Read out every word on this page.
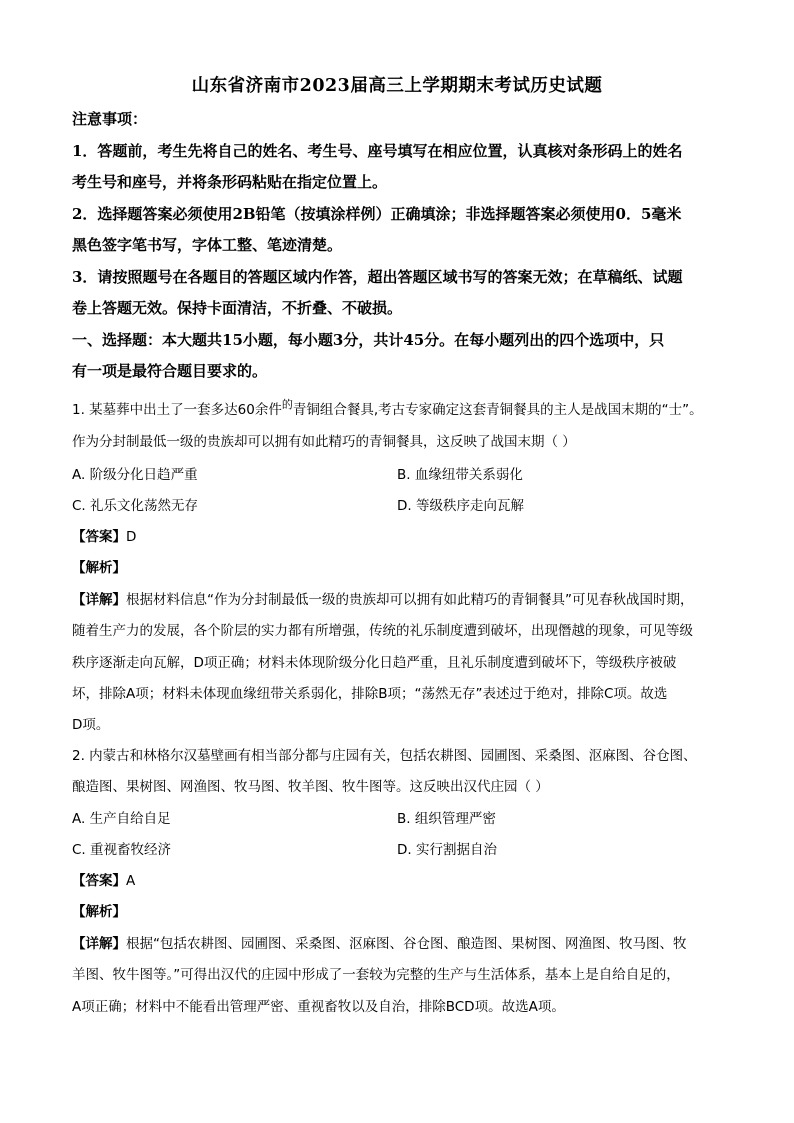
山东省济南市2023届高三上学期期末考试历史试题
注意事项：
1．答题前，考生先将自己的姓名、考生号、座号填写在相应位置，认真核对条形码上的姓名
考生号和座号，并将条形码粘贴在指定位置上。
2．选择题答案必须使用2B铅笔（按填涂样例）正确填涂；非选择题答案必须使用0．5毫米
黑色签字笔书写，字体工整、笔迹清楚。
3．请按照题号在各题目的答题区域内作答，超出答题区域书写的答案无效；在草稿纸、试题
卷上答题无效。保持卡面清洁，不折叠、不破损。
一、选择题：本大题共15小题，每小题3分，共计45分。在每小题列出的四个选项中，只
有一项是最符合题目要求的。
1. 某墓葬中出土了一套多达60余件$^的$青铜组合餐具,考古专家确定这套青铜餐具的主人是战国末期的“士”。
作为分封制最低一级的贵族却可以拥有如此精巧的青铜餐具，这反映了战国末期（ ）
A. 阶级分化日趋严重	B. 血缘纽带关系弱化
C. 礼乐文化荡然无存	D. 等级秩序走向瓦解
【答案】D
【解析】
【详解】根据材料信息“作为分封制最低一级的贵族却可以拥有如此精巧的青铜餐具”可见春秋战国时期，
随着生产力的发展，各个阶层的实力都有所增强，传统的礼乐制度遭到破坏，出现僭越的现象，可见等级
秩序逐渐走向瓦解，D项正确；材料未体现阶级分化日趋严重，且礼乐制度遭到破坏下，等级秩序被破
坏，排除A项；材料未体现血缘纽带关系弱化，排除B项；“荡然无存”表述过于绝对，排除C项。故选
D项。
2. 内蒙古和林格尔汉墓壁画有相当部分都与庄园有关，包括农耕图、园圃图、采桑图、沤麻图、谷仓图、
酿造图、果树图、网渔图、牧马图、牧羊图、牧牛图等。这反映出汉代庄园（ ）
A. 生产自给自足	B. 组织管理严密
C. 重视畜牧经济	D. 实行割据自治
【答案】A
【解析】
【详解】根据“包括农耕图、园圃图、采桑图、沤麻图、谷仓图、酿造图、果树图、网渔图、牧马图、牧
羊图、牧牛图等。”可得出汉代的庄园中形成了一套较为完整的生产与生活体系，基本上是自给自足的，
A项正确；材料中不能看出管理严密、重视畜牧以及自治，排除BCD项。故选A项。
